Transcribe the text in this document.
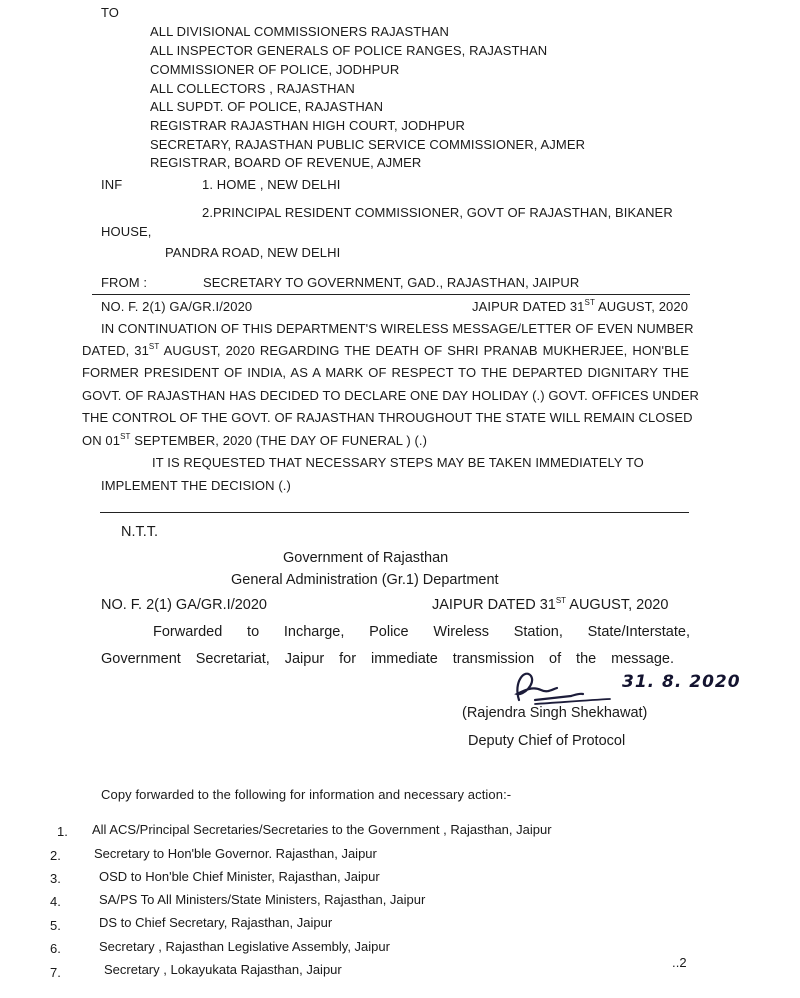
TO
ALL DIVISIONAL COMMISSIONERS RAJASTHAN
ALL INSPECTOR GENERALS OF POLICE RANGES, RAJASTHAN
COMMISSIONER OF POLICE, JODHPUR
ALL COLLECTORS , RAJASTHAN
ALL SUPDT. OF POLICE, RAJASTHAN
REGISTRAR RAJASTHAN HIGH COURT, JODHPUR
SECRETARY, RAJASTHAN PUBLIC SERVICE COMMISSIONER, AJMER
REGISTRAR, BOARD OF REVENUE, AJMER
INF	1. HOME , NEW DELHI
2.PRINCIPAL RESIDENT COMMISSIONER, GOVT OF RAJASTHAN, BIKANER
HOUSE,
PANDRA ROAD, NEW DELHI
FROM :	SECRETARY TO GOVERNMENT, GAD., RAJASTHAN, JAIPUR
NO. F. 2(1) GA/GR.I/2020	JAIPUR DATED 31ST AUGUST, 2020
IN CONTINUATION OF THIS DEPARTMENT'S WIRELESS MESSAGE/LETTER OF EVEN NUMBER
DATED, 31ST AUGUST, 2020 REGARDING THE DEATH OF SHRI PRANAB MUKHERJEE, HON'BLE
FORMER PRESIDENT OF INDIA, AS A MARK OF RESPECT TO THE DEPARTED DIGNITARY THE
GOVT. OF RAJASTHAN HAS DECIDED TO DECLARE ONE DAY HOLIDAY (.) GOVT. OFFICES UNDER
THE CONTROL OF THE GOVT. OF RAJASTHAN THROUGHOUT THE STATE WILL REMAIN CLOSED
ON 01ST SEPTEMBER, 2020 (THE DAY OF FUNERAL ) (.)
IT IS REQUESTED THAT NECESSARY STEPS MAY BE TAKEN IMMEDIATELY TO
IMPLEMENT THE DECISION (.)
N.T.T.
Government of Rajasthan
General Administration (Gr.1) Department
NO. F. 2(1) GA/GR.I/2020	JAIPUR DATED 31ST AUGUST, 2020
Forwarded to Incharge, Police Wireless Station, State/Interstate,
Government Secretariat, Jaipur for immediate transmission of the message.
31. 8. 2020
(Rajendra Singh Shekhawat)
Deputy Chief of Protocol
Copy forwarded to the following for information and necessary action:-
1. All ACS/Principal Secretaries/Secretaries to the Government , Rajasthan, Jaipur
2.	Secretary to Hon'ble Governor. Rajasthan, Jaipur
3.	OSD to Hon'ble Chief Minister, Rajasthan, Jaipur
4.	SA/PS To All Ministers/State Ministers, Rajasthan, Jaipur
5.	DS to Chief Secretary, Rajasthan, Jaipur
6.	Secretary , Rajasthan Legislative Assembly, Jaipur
7.	Secretary , Lokayukata Rajasthan, Jaipur	..2
